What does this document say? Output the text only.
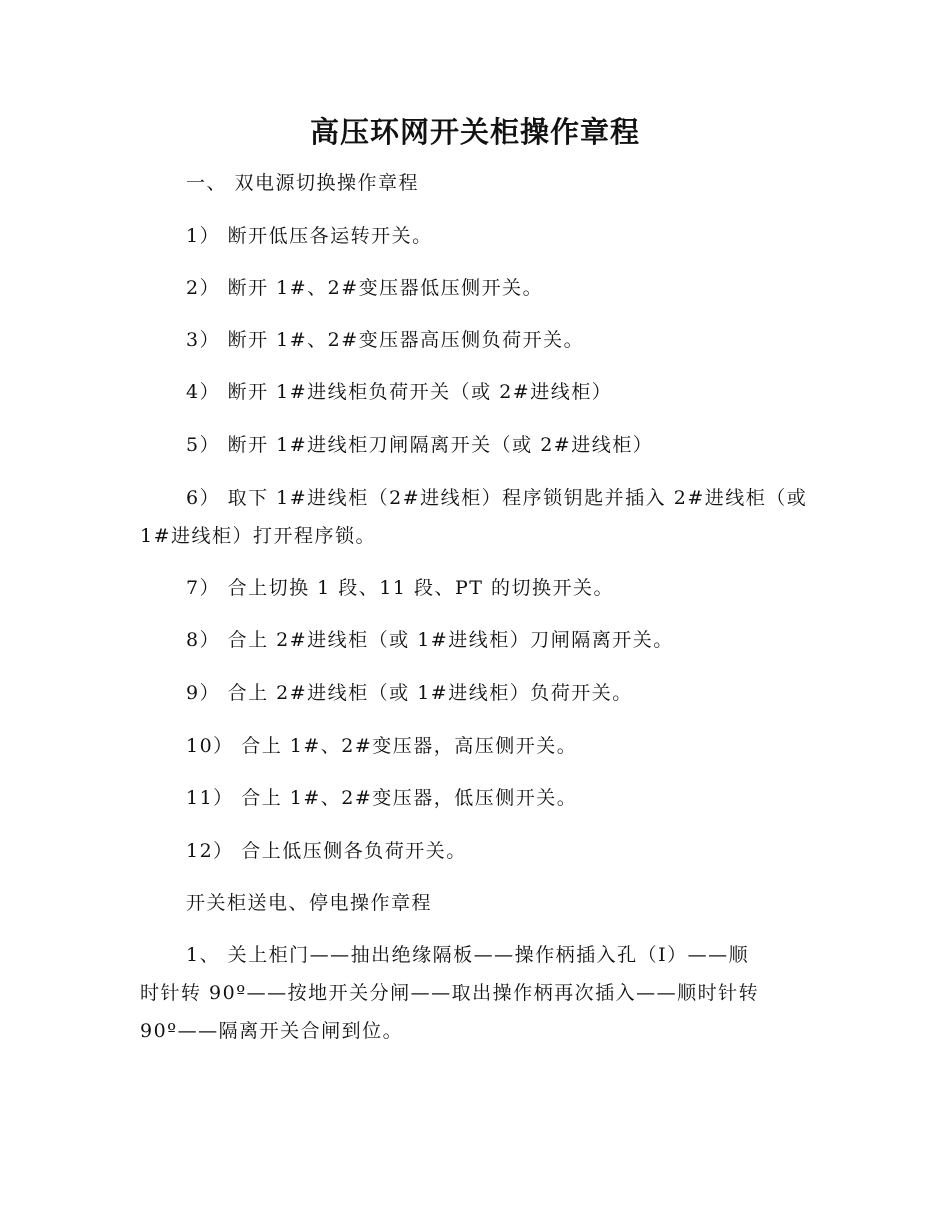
高压环网开关柜操作章程
一、 双电源切换操作章程
1） 断开低压各运转开关。
2） 断开 1#、2#变压器低压侧开关。
3） 断开 1#、2#变压器高压侧负荷开关。
4） 断开 1#进线柜负荷开关（或 2#进线柜）
5） 断开 1#进线柜刀闸隔离开关（或 2#进线柜）
6） 取下 1#进线柜（2#进线柜）程序锁钥匙并插入 2#进线柜（或
1#进线柜）打开程序锁。
7） 合上切换 1 段、11 段、PT 的切换开关。
8） 合上 2#进线柜（或 1#进线柜）刀闸隔离开关。
9） 合上 2#进线柜（或 1#进线柜）负荷开关。
10） 合上 1#、2#变压器，高压侧开关。
11） 合上 1#、2#变压器，低压侧开关。
12） 合上低压侧各负荷开关。
开关柜送电、停电操作章程
1、 关上柜门——抽出绝缘隔板——操作柄插入孔（Ⅰ）——顺
时针转 90º——按地开关分闸——取出操作柄再次插入——顺时针转
90º——隔离开关合闸到位。
